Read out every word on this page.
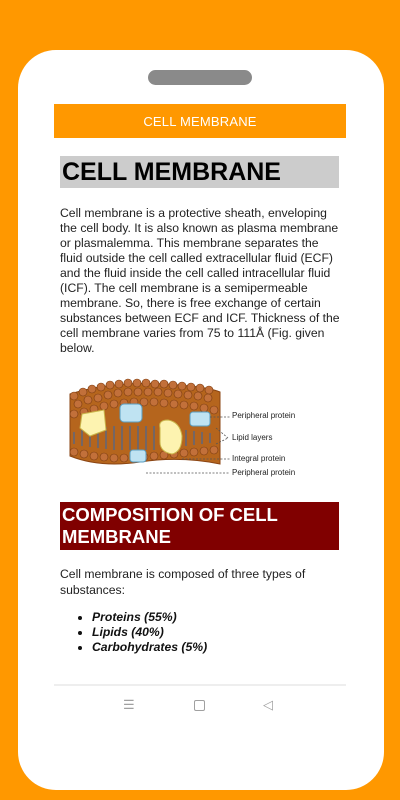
CELL MEMBRANE
CELL MEMBRANE

Cell membrane is a protective sheath, enveloping the cell body. It is also known as plasma membrane or plasmalemma. This membrane separates the fluid outside the cell called extracellular fluid (ECF) and the fluid inside the cell called intracellular fluid (ICF). The cell membrane is a semipermeable membrane. So, there is free exchange of certain substances between ECF and ICF. Thickness of the cell membrane varies from 75 to 111Å (Fig. given below.

Peripheral protein
Lipid layers
Integral protein
Peripheral protein
COMPOSITION OF CELL MEMBRANE

Cell membrane is composed of three types of substances:

• Proteins (55%)
• Lipids (40%)
• Carbohydrates (5%)
☰	◁
